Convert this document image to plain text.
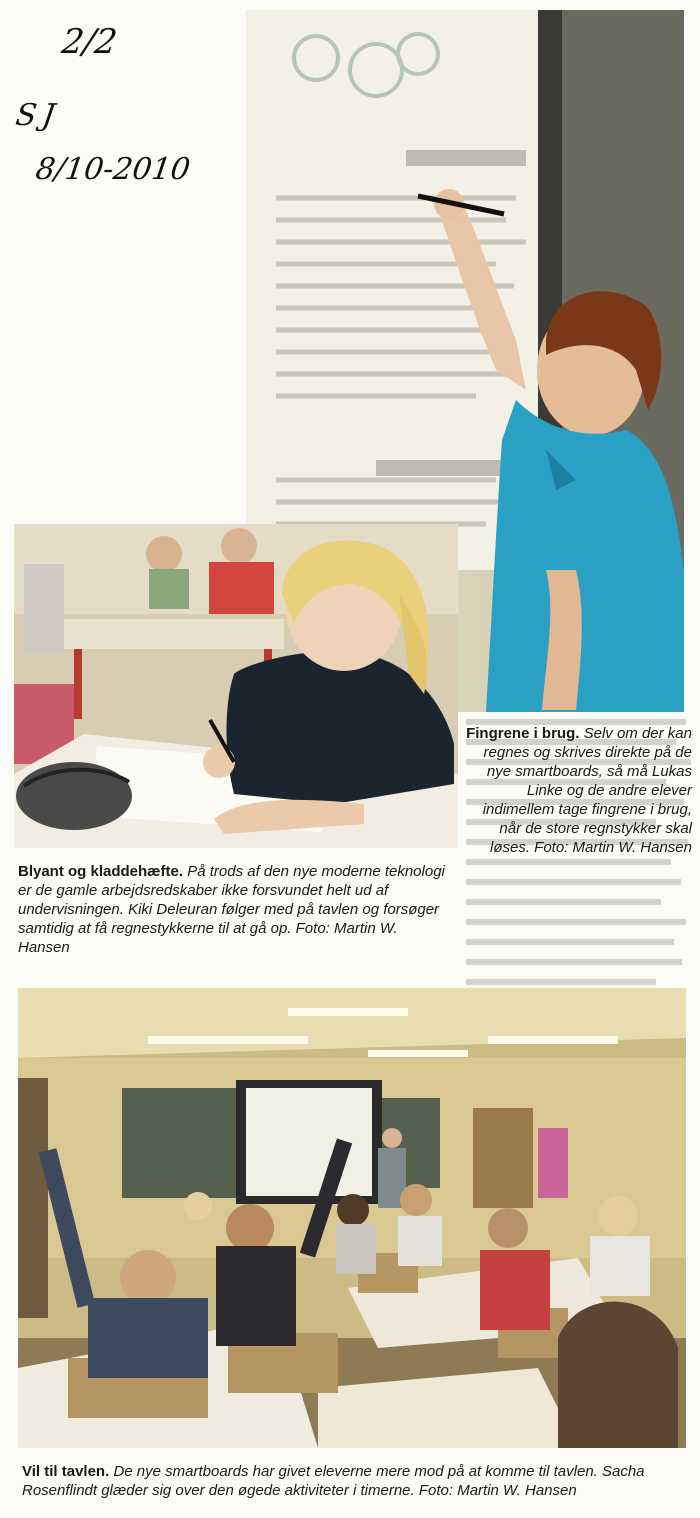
2/2
SJ
8/10-2010
Fingrene i brug. Selv om der kan regnes og skrives direkte på de nye smartboards, så må Lukas Linke og de andre elever indimellem tage fingrene i brug, når de store regnstykker skal løses. Foto: Martin W. Hansen
Blyant og kladdehæfte. På trods af den nye moderne teknologi er de gamle arbejdsredskaber ikke forsvundet helt ud af undervisningen. Kiki Deleuran følger med på tavlen og forsøger samtidig at få regnestykkerne til at gå op. Foto: Martin W. Hansen
Vil til tavlen. De nye smartboards har givet eleverne mere mod på at komme til tavlen. Sacha Rosenflindt glæder sig over den øgede aktiviteter i timerne. Foto: Martin W. Hansen
